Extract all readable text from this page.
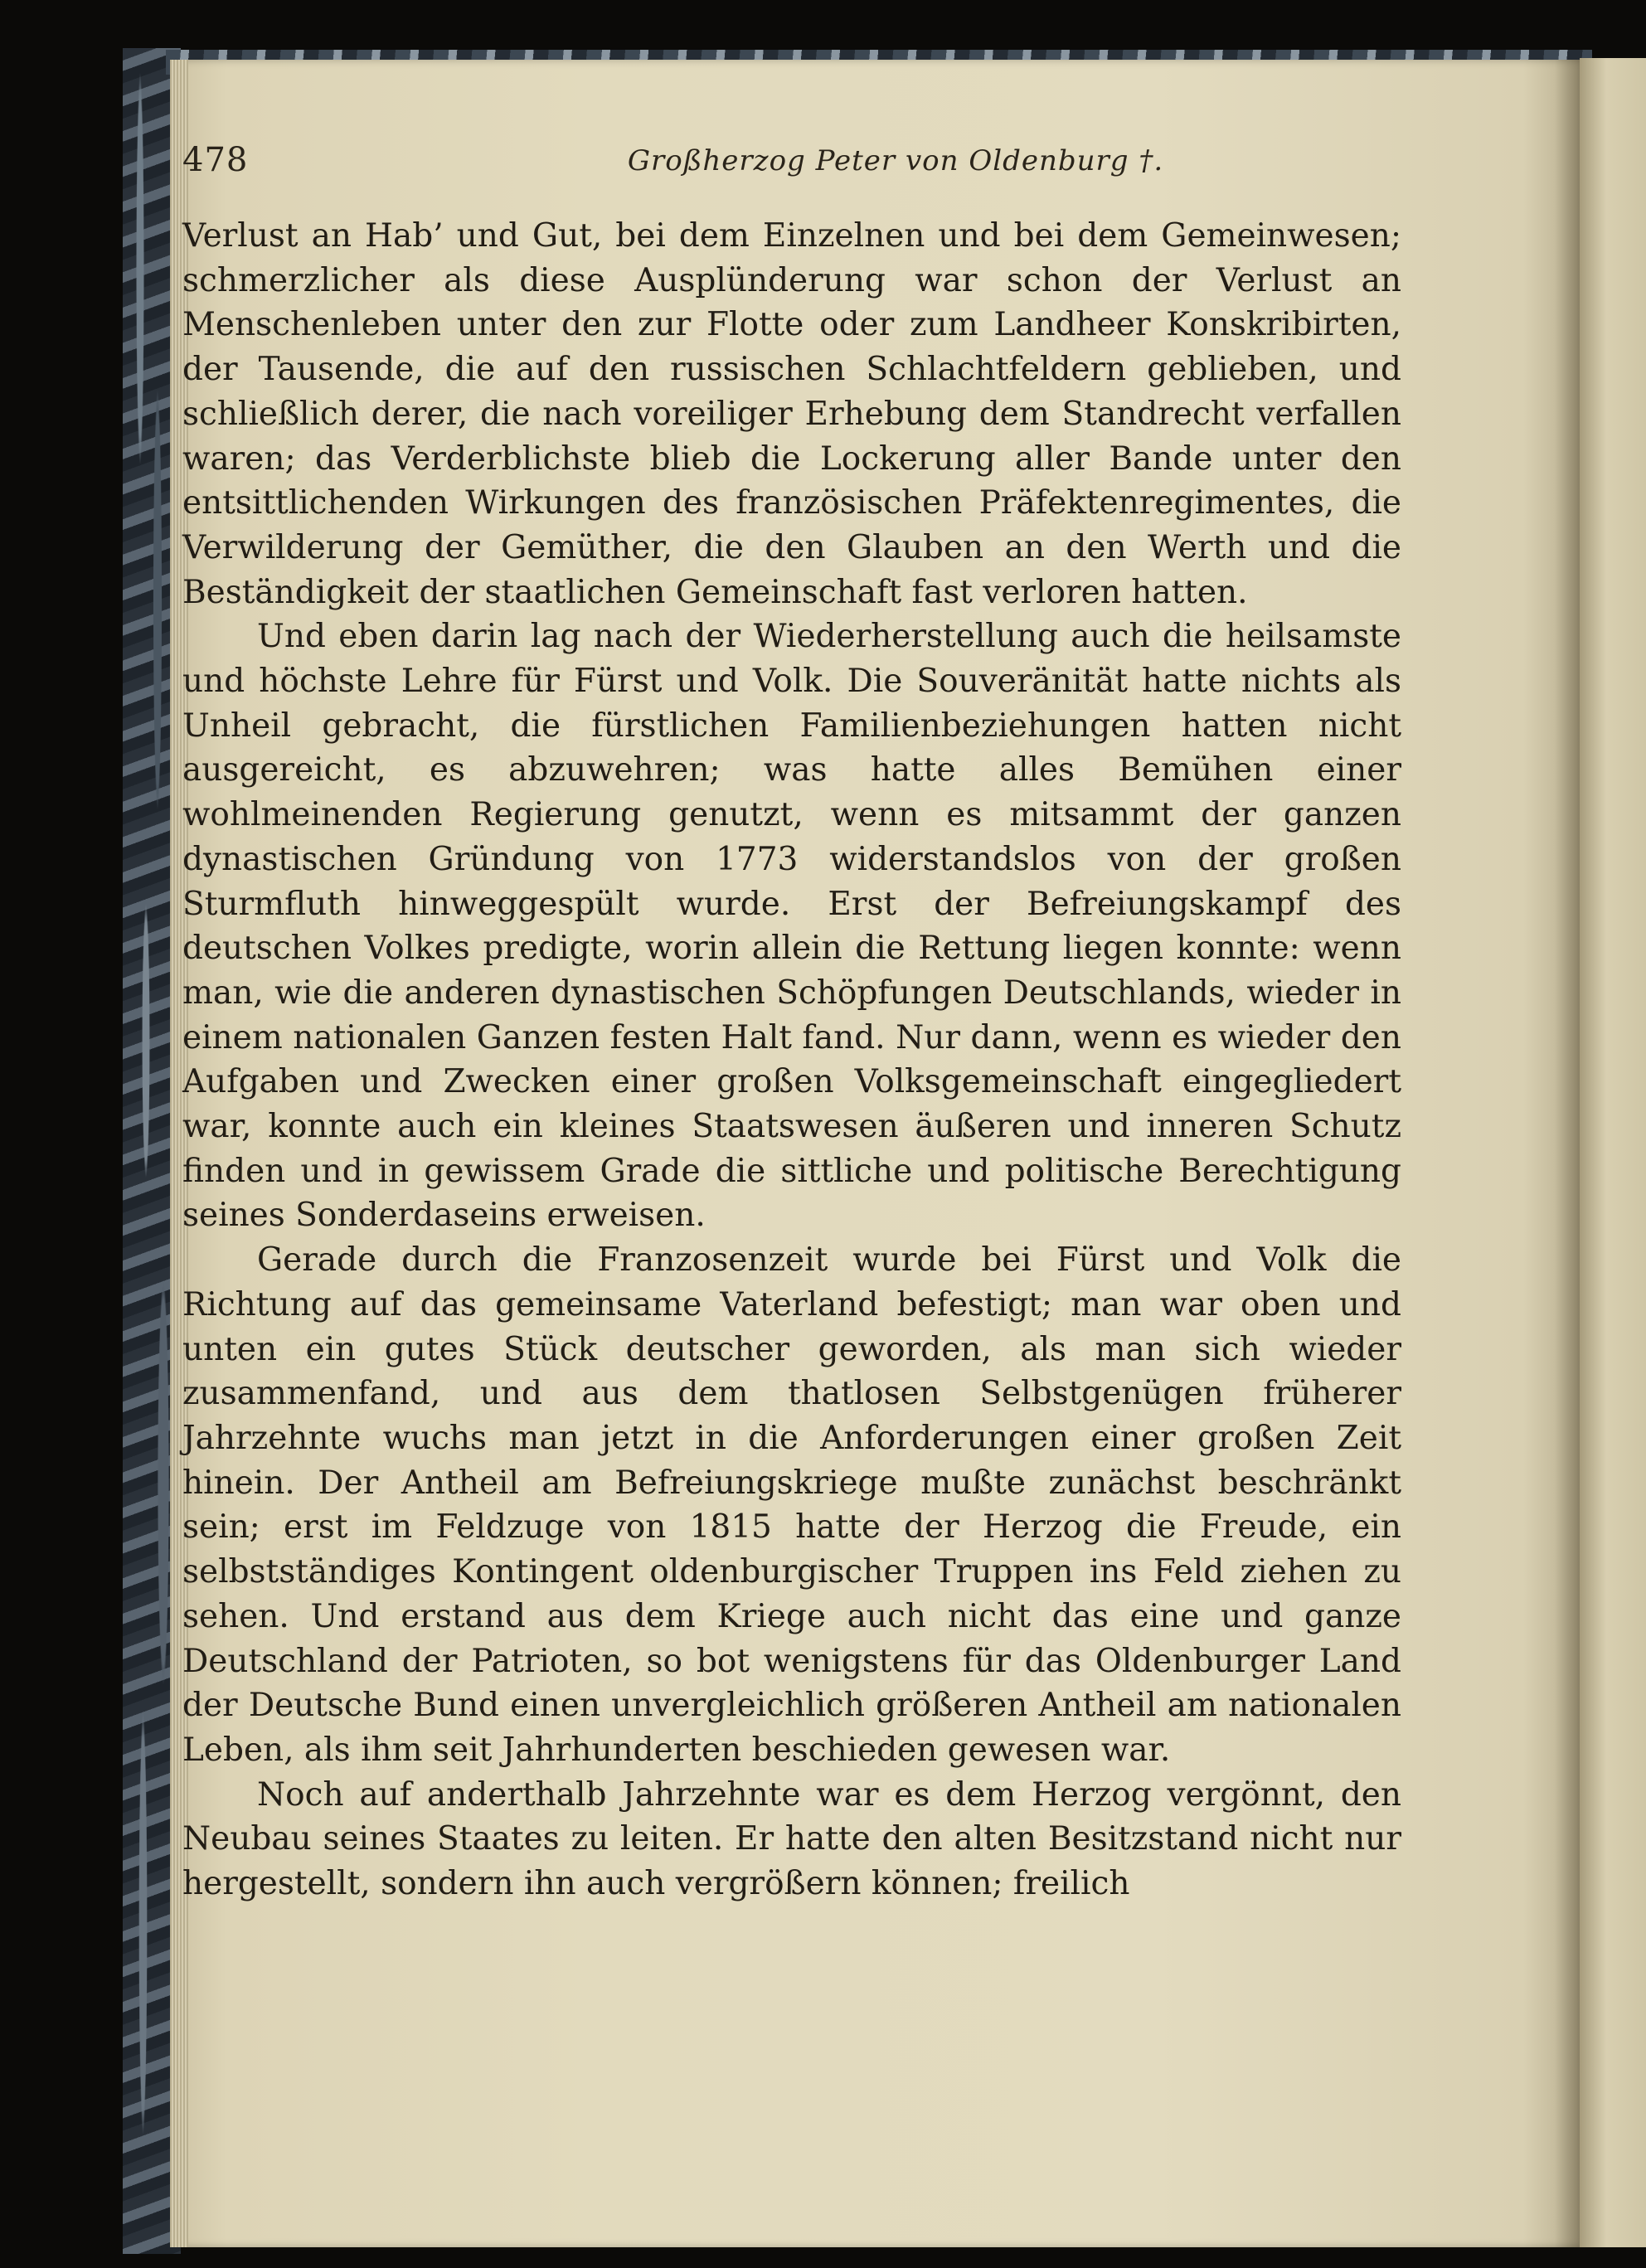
478	Großherzog Peter von Oldenburg †.

Verlust an Hab’ und Gut, bei dem Einzelnen und bei dem Gemeinwesen; schmerzlicher als diese Ausplünderung war schon der Verlust an Menschenleben unter den zur Flotte oder zum Landheer Konskribirten, der Tausende, die auf den russischen Schlachtfeldern geblieben, und schließlich derer, die nach voreiliger Erhebung dem Standrecht verfallen waren; das Verderblichste blieb die Lockerung aller Bande unter den entsittlichenden Wirkungen des französischen Präfektenregimentes, die Verwilderung der Gemüther, die den Glauben an den Werth und die Beständigkeit der staatlichen Gemeinschaft fast verloren hatten.

Und eben darin lag nach der Wiederherstellung auch die heilsamste und höchste Lehre für Fürst und Volk. Die Souveränität hatte nichts als Unheil gebracht, die fürstlichen Familienbeziehungen hatten nicht ausgereicht, es abzuwehren; was hatte alles Bemühen einer wohlmeinenden Regierung genutzt, wenn es mitsammt der ganzen dynastischen Gründung von 1773 widerstandslos von der großen Sturmfluth hinweggespült wurde. Erst der Befreiungskampf des deutschen Volkes predigte, worin allein die Rettung liegen konnte: wenn man, wie die anderen dynastischen Schöpfungen Deutschlands, wieder in einem nationalen Ganzen festen Halt fand. Nur dann, wenn es wieder den Aufgaben und Zwecken einer großen Volksgemeinschaft eingegliedert war, konnte auch ein kleines Staatswesen äußeren und inneren Schutz finden und in gewissem Grade die sittliche und politische Berechtigung seines Sonderdaseins erweisen.

Gerade durch die Franzosenzeit wurde bei Fürst und Volk die Richtung auf das gemeinsame Vaterland befestigt; man war oben und unten ein gutes Stück deutscher geworden, als man sich wieder zusammenfand, und aus dem thatlosen Selbstgenügen früherer Jahrzehnte wuchs man jetzt in die Anforderungen einer großen Zeit hinein. Der Antheil am Befreiungskriege mußte zunächst beschränkt sein; erst im Feldzuge von 1815 hatte der Herzog die Freude, ein selbstständiges Kontingent oldenburgischer Truppen ins Feld ziehen zu sehen. Und erstand aus dem Kriege auch nicht das eine und ganze Deutschland der Patrioten, so bot wenigstens für das Oldenburger Land der Deutsche Bund einen unvergleichlich größeren Antheil am nationalen Leben, als ihm seit Jahrhunderten beschieden gewesen war.

Noch auf anderthalb Jahrzehnte war es dem Herzog vergönnt, den Neubau seines Staates zu leiten. Er hatte den alten Besitzstand nicht nur hergestellt, sondern ihn auch vergrößern können; freilich
